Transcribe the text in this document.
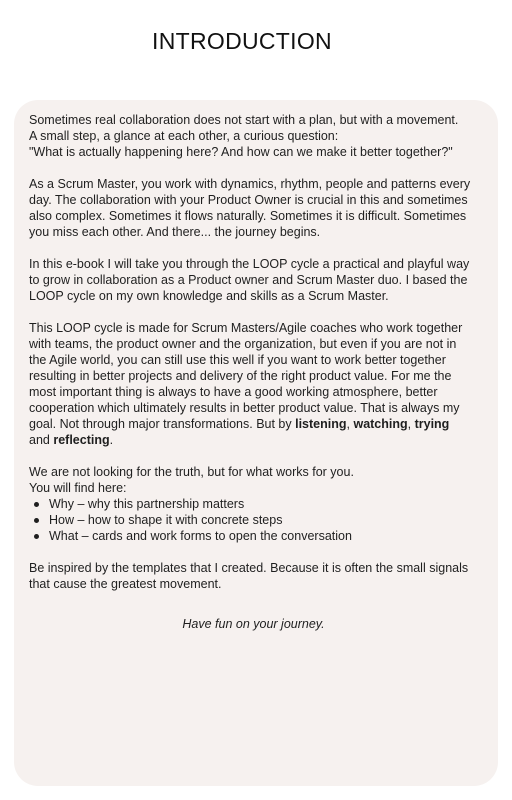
INTRODUCTION

Sometimes real collaboration does not start with a plan, but with a movement.
A small step, a glance at each other, a curious question:
"What is actually happening here? And how can we make it better together?"

As a Scrum Master, you work with dynamics, rhythm, people and patterns every
day. The collaboration with your Product Owner is crucial in this and sometimes
also complex. Sometimes it flows naturally. Sometimes it is difficult. Sometimes
you miss each other. And there... the journey begins.

In this e-book I will take you through the LOOP cycle a practical and playful way
to grow in collaboration as a Product owner and Scrum Master duo. I based the
LOOP cycle on my own knowledge and skills as a Scrum Master.

This LOOP cycle is made for Scrum Masters/Agile coaches who work together
with teams, the product owner and the organization, but even if you are not in
the Agile world, you can still use this well if you want to work better together
resulting in better projects and delivery of the right product value. For me the
most important thing is always to have a good working atmosphere, better
cooperation which ultimately results in better product value. That is always my
goal. Not through major transformations. But by listening, watching, trying
and reflecting.

We are not looking for the truth, but for what works for you.
You will find here:

Why – why this partnership matters
How – how to shape it with concrete steps
What – cards and work forms to open the conversation

Be inspired by the templates that I created. Because it is often the small signals
that cause the greatest movement.

Have fun on your journey.
